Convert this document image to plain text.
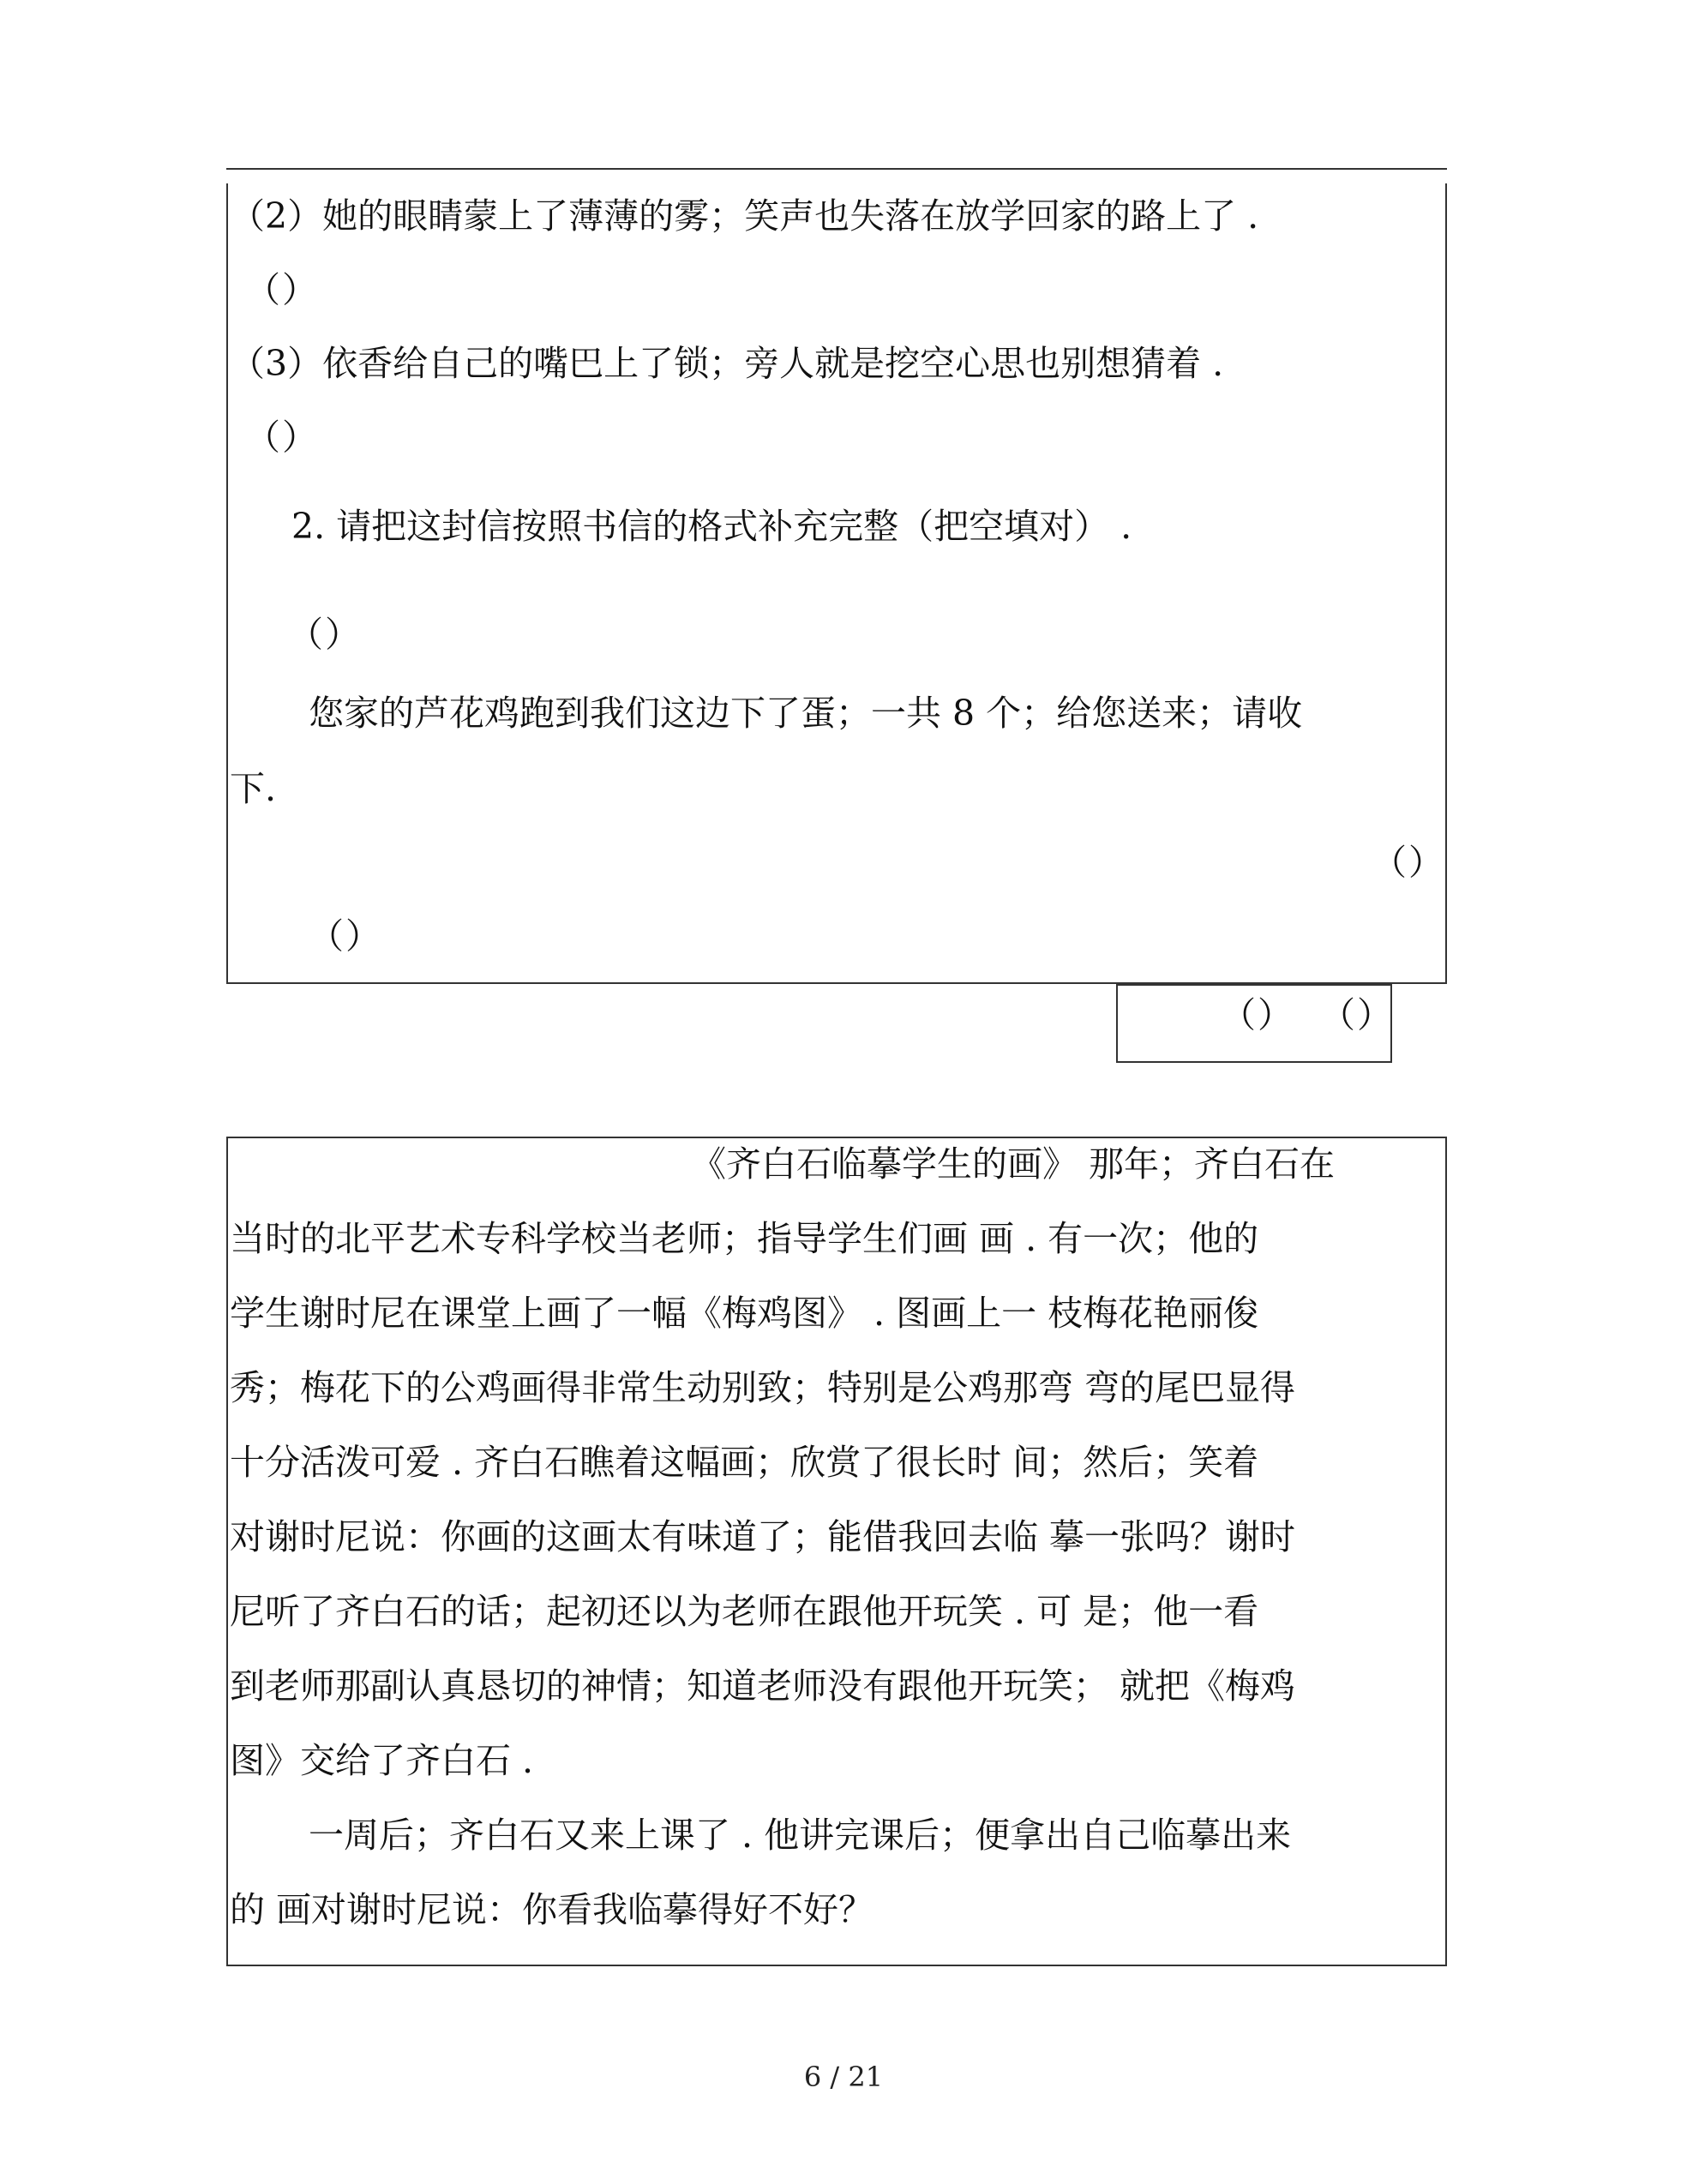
（2）她的眼睛蒙上了薄薄的雾；笑声也失落在放学回家的路上了 .
（）
（3）依香给自己的嘴巴上了锁；旁人就是挖空心思也别想猜着 .
（）
2. 请把这封信按照书信的格式补充完整（把空填对） .
（）
您家的芦花鸡跑到我们这边下了蛋；一共 8 个；给您送来；请收
下.
（）
（）
（） （）
《齐白石临摹学生的画》 那年；齐白石在
当时的北平艺术专科学校当老师；指导学生们画 画 . 有一次；他的
学生谢时尼在课堂上画了一幅《梅鸡图》 . 图画上一 枝梅花艳丽俊
秀；梅花下的公鸡画得非常生动别致；特别是公鸡那弯 弯的尾巴显得
十分活泼可爱 . 齐白石瞧着这幅画；欣赏了很长时 间；然后；笑着
对谢时尼说：你画的这画太有味道了；能借我回去临 摹一张吗？谢时
尼听了齐白石的话；起初还以为老师在跟他开玩笑 . 可 是；他一看
到老师那副认真恳切的神情；知道老师没有跟他开玩笑； 就把《梅鸡
图》交给了齐白石 .
一周后；齐白石又来上课了 . 他讲完课后；便拿出自己临摹出来
的 画对谢时尼说：你看我临摹得好不好？
6 / 21
